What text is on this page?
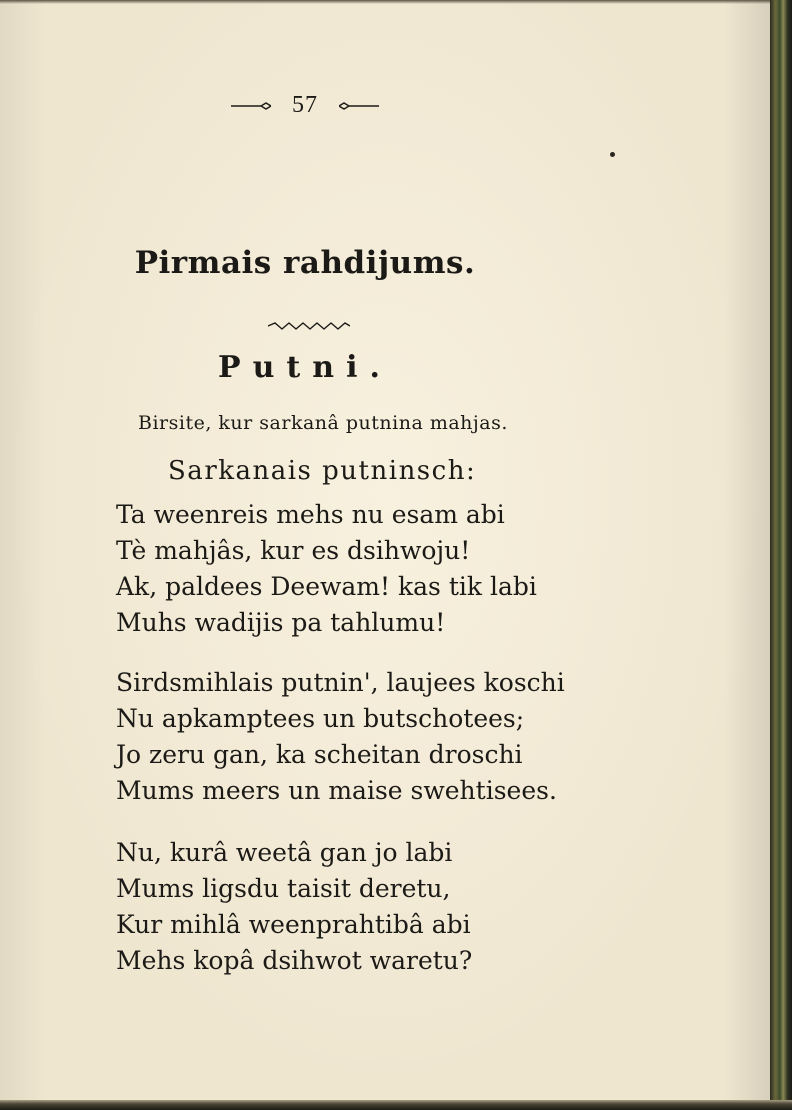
57
Pirmais rahdijums.
Putni.
Birsite, kur sarkanâ putnina mahjas.
Sarkanais putninsch:
Ta weenreis mehs nu esam abi
Tè mahjâs, kur es dsihwoju!
Ak, paldees Deewam! kas tik labi
Muhs wadijis pa tahlumu!
Sirdsmihlais putnin', laujees koschi
Nu apkamptees un butschotees;
Jo zeru gan, ka scheitan droschi
Mums meers un maise swehtisees.
Nu, kurâ weetâ gan jo labi
Mums ligsdu taisit deretu,
Kur mihlâ weenprahtibâ abi
Mehs kopâ dsihwot waretu?
